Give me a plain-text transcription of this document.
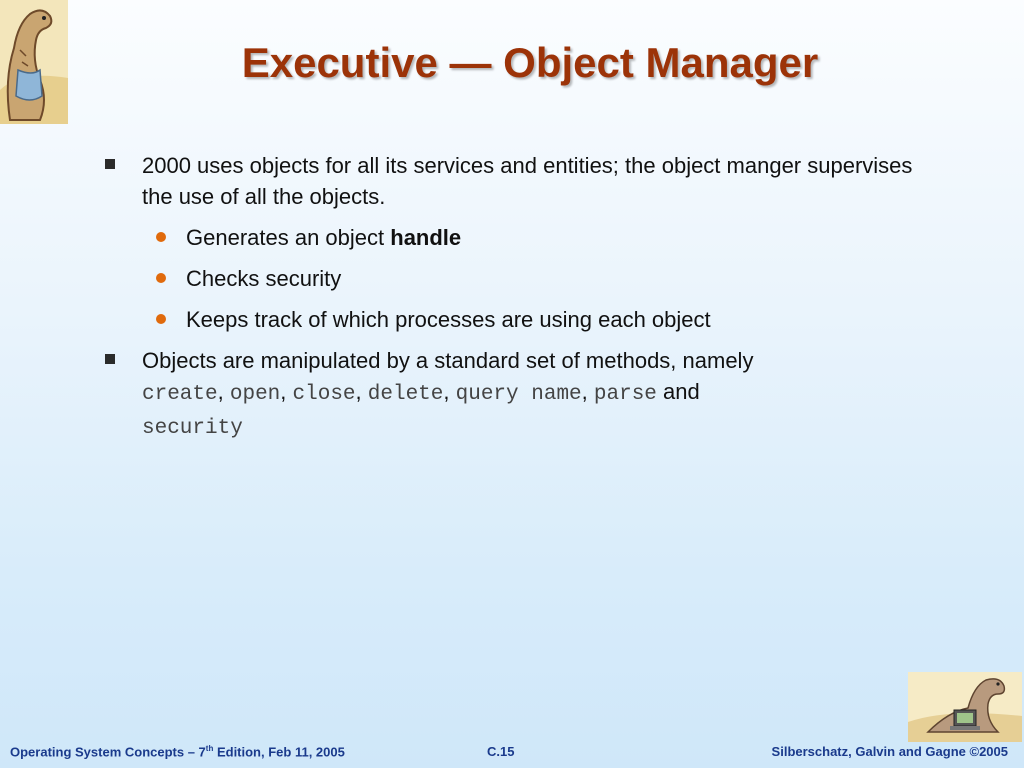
Executive — Object Manager
2000 uses objects for all its services and entities; the object manger supervises the use of all the objects.
Generates an object handle
Checks security
Keeps track of which processes are using each object
Objects are manipulated by a standard set of methods, namely
create, open, close, delete, query name, parse and
security
Operating System Concepts – 7th Edition, Feb 11, 2005	C.15	Silberschatz, Galvin and Gagne ©2005
